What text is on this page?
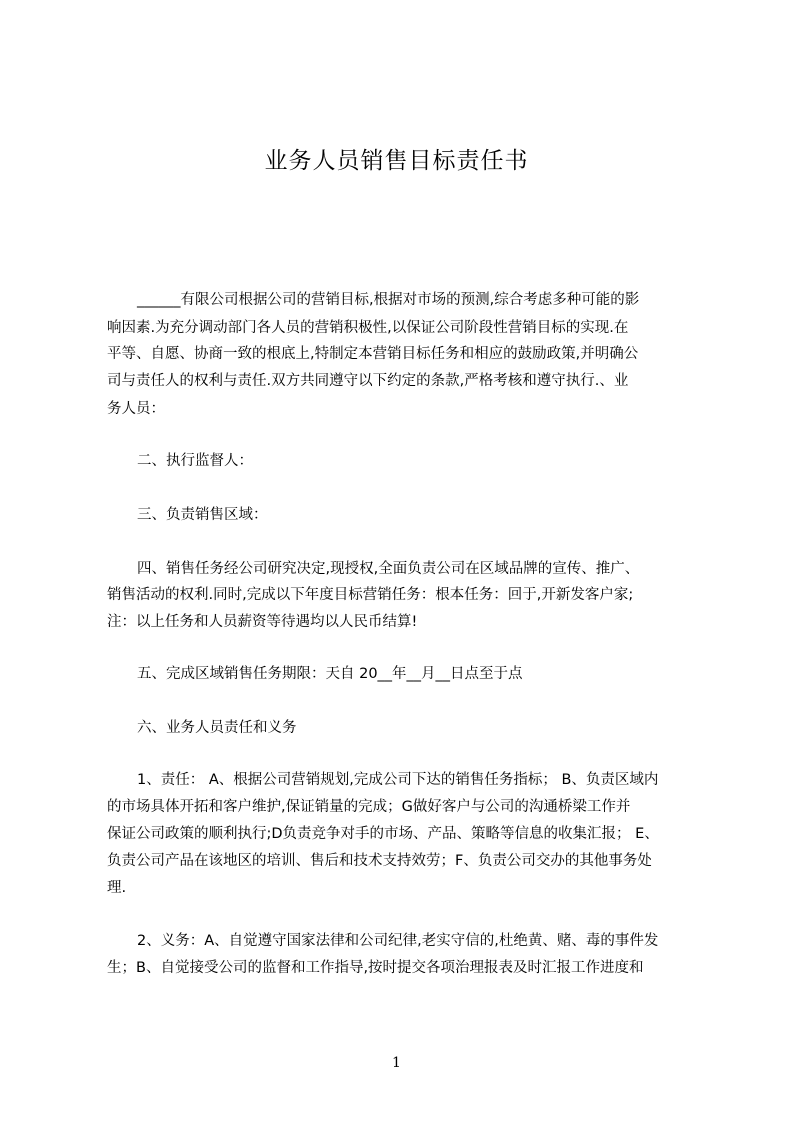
业务人员销售目标责任书
______有限公司根据公司的营销目标,根据对市场的预测,综合考虑多种可能的影
响因素.为充分调动部门各人员的营销积极性,以保证公司阶段性营销目标的实现.在
平等、自愿、协商一致的根底上,特制定本营销目标任务和相应的鼓励政策,并明确公
司与责任人的权利与责任.双方共同遵守以下约定的条款,严格考核和遵守执行.、业
务人员：
二、执行监督人：
三、负责销售区域：
四、销售任务经公司研究决定,现授权,全面负责公司在区域品牌的宣传、推广、
销售活动的权利.同时,完成以下年度目标营销任务：根本任务：回于,开新发客户家;
注：以上任务和人员薪资等待遇均以人民币结算!
五、完成区域销售任务期限：天自 20__年__月__日点至于点
六、业务人员责任和义务
1、责任： A、根据公司营销规划,完成公司下达的销售任务指标； B、负责区域内
的市场具体开拓和客户维护,保证销量的完成；G做好客户与公司的沟通桥梁工作并
保证公司政策的顺利执行;D负责竞争对手的市场、产品、策略等信息的收集汇报； E、
负责公司产品在该地区的培训、售后和技术支持效劳；F、负责公司交办的其他事务处
理.
2、义务：A、自觉遵守国家法律和公司纪律,老实守信的,杜绝黄、赌、毒的事件发
生；B、自觉接受公司的监督和工作指导,按时提交各项治理报表及时汇报工作进度和
1
